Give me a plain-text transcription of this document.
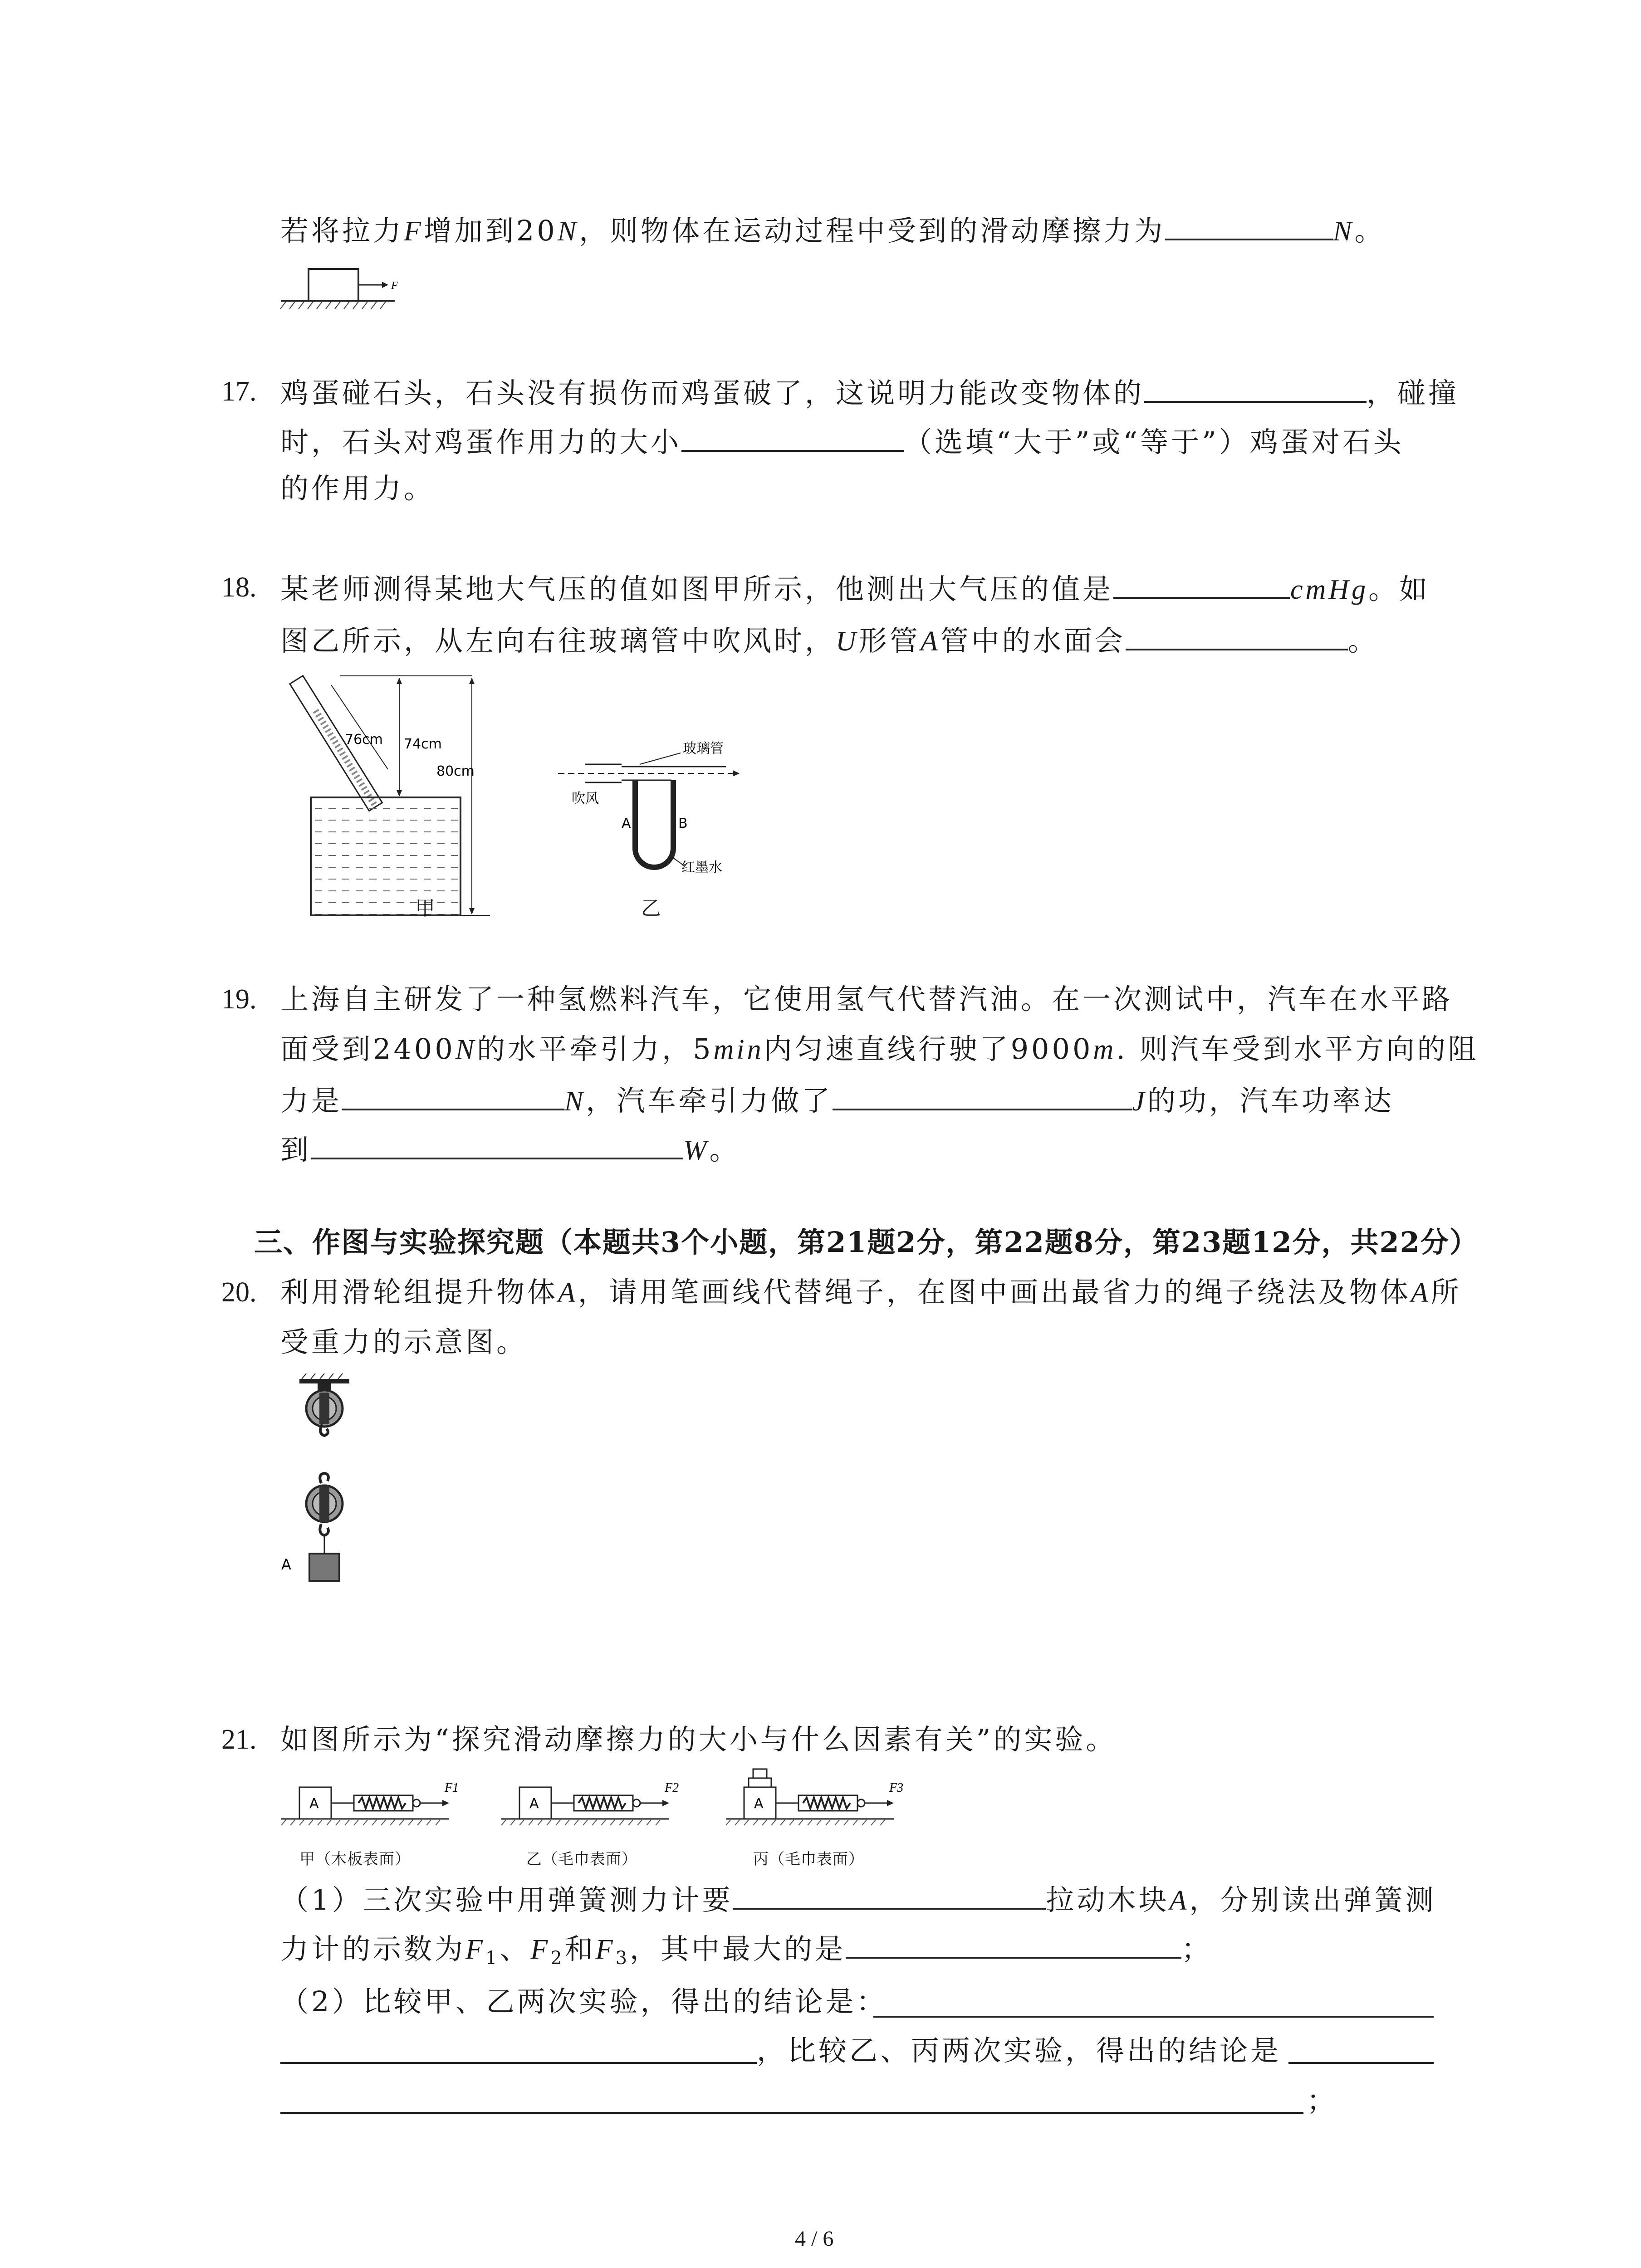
若将拉力F增加到20N，则物体在运动过程中受到的滑动摩擦力为	N。
F
17. 鸡蛋碰石头，石头没有损伤而鸡蛋破了，这说明力能改变物体的	，碰撞
时，石头对鸡蛋作用力的大小	（选填“大于”或“等于”）鸡蛋对石头
的作用力。
18. 某老师测得某地大气压的值如图甲所示，他测出大气压的值是	cmHg。如
图乙所示，从左向右往玻璃管中吹风时，U形管A管中的水面会	。
76cm 74cm
80cm
玻璃管
吹风
A	B
红墨水
甲	乙
19. 上海自主研发了一种氢燃料汽车，它使用氢气代替汽油。在一次测试中，汽车在水平路
面受到2400N的水平牵引力，5min内匀速直线行驶了9000m. 则汽车受到水平方向的阻
力是	N，汽车牵引力做了	J的功，汽车功率达
到	W。
三、作图与实验探究题（本题共3个小题，第21题2分，第22题8分，第23题12分，共22分）
20. 利用滑轮组提升物体A，请用笔画线代替绳子，在图中画出最省力的绳子绕法及物体A所
受重力的示意图。
A
21. 如图所示为“探究滑动摩擦力的大小与什么因素有关”的实验。
A
F1
A
F2
A
F3
甲（木板表面）	乙（毛巾表面）	丙（毛巾表面）
（1）三次实验中用弹簧测力计要	拉动木块A，分别读出弹簧测
力计的示数为$F_1$、$F_2$和$F_3$，其中最大的是	；
（2）比较甲、乙两次实验，得出的结论是：
，比较乙、丙两次实验，得出的结论是
；
4 / 6
